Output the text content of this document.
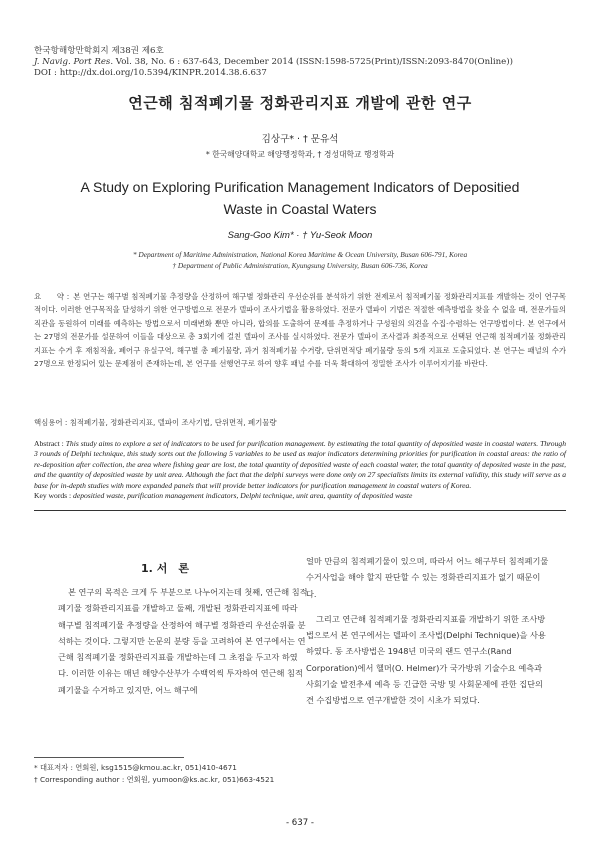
한국항해항만학회지 제38권 제6호
J. Navig. Port Res. Vol. 38, No. 6 : 637-643, December 2014 (ISSN:1598-5725(Print)/ISSN:2093-8470(Online))
DOI : http://dx.doi.org/10.5394/KINPR.2014.38.6.637
연근해 침적폐기물 정화관리지표 개발에 관한 연구
김상구* · † 문유석
* 한국해양대학교 해양행정학과, † 경성대학교 행정학과
A Study on Exploring Purification Management Indicators of Depositied Waste in Coastal Waters
Sang-Goo Kim* · † Yu-Seok Moon
* Department of Maritime Administration, National Korea Maritime & Ocean University, Busan 606-791, Korea
† Department of Public Administration, Kyungsung University, Busan 606-736, Korea
요　　약 : 본 연구는 해구별 침적폐기물 추정량을 산정하여 해구별 정화관리 우선순위를 분석하기 위한 전제로서 침적폐기물 정화관리지표를 개발하는 것이 연구목적이다. 이러한 연구목적을 달성하기 위한 연구방법으로 전문가 델파이 조사기법을 활용하였다. 전문가 델파이 기법은 적절한 예측방법을 찾을 수 없을 때, 전문가들의 직관을 동원하여 미래를 예측하는 방법으로서 미래변화 뿐만 아니라, 합의를 도출하여 문제를 추정하거나 구성원의 의견을 수집·수렴하는 연구방법이다. 본 연구에서는 27명의 전문가를 설문하여 이들을 대상으로 총 3회기에 걸친 델파이 조사를 실시하였다. 전문가 델파이 조사결과 최종적으로 선택된 연근해 침적폐기물 정화관리지표는 수거 후 재침적율, 폐어구 유실구역, 해구별 총 폐기물량, 과거 침적폐기물 수거량, 단위면적당 폐기물량 등의 5개 지표로 도출되었다. 본 연구는 패널의 수가 27명으로 한정되어 있는 문제점이 존재하는데, 본 연구를 선행연구로 하여 향후 패널 수를 더욱 확대하여 정밀한 조사가 이루어지기를 바란다.
핵심용어 : 침적폐기물, 정화관리지표, 델파이 조사기법, 단위면적, 폐기물량
Abstract : This study aims to explore a set of indicators to be used for purification management. by estimating the total quantity of depositied waste in coastal waters. Through 3 rounds of Delphi technique, this study sorts out the following 5 variables to be used as major indicators determining priorities for purification in coastal areas: the ratio of re-deposition after collection, the area where fishing gear are lost, the total quantity of depositied waste of each coastal water, the total quantity of deposited waste in the past, and the quantity of depositied waste by unit area. Although the fact that the delphi surveys were done only on 27 specialists limits its external validity, this study will serve as a base for in-depth studies with more expanded panels that will provide better indicators for purification management in coastal waters of Korea.
Key words : depositied waste, purification management indicators, Delphi technique, unit area, quantity of depositied waste
1. 서　론

본 연구의 목적은 크게 두 부분으로 나누어지는데 첫째, 연근해 침적폐기물 정화관리지표를 개발하고 둘째, 개발된 정화관리지표에 따라 해구별 침적폐기물 추정량을 산정하여 해구별 정화관리 우선순위를 분석하는 것이다. 그렇지만 논문의 분량 등을 고려하여 본 연구에서는 연근해 침적폐기물 정화관리지표를 개발하는데 그 초점을 두고자 하였다. 이러한 이유는 매년 해양수산부가 수백억씩 투자하여 연근해 침적폐기물을 수거하고 있지만, 어느 해구에

얼마 만큼의 침적폐기물이 있으며, 따라서 어느 해구부터 침적폐기물 수거사업을 해야 할지 판단할 수 있는 정화관리지표가 없기 때문이다.

그리고 연근해 침적폐기물 정화관리지표를 개발하기 위한 조사방법으로서 본 연구에서는 델파이 조사법(Delphi Technique)을 사용하였다. 동 조사방법은 1948년 미국의 랜드 연구소(Rand Corporation)에서 헬머(O. Helmer)가 국가방위 기술수요 예측과 사회기술 발전추세 예측 등 긴급한 국방 및 사회문제에 관한 집단의견 수집방법으로 연구개발한 것이 시초가 되었다.

* 대표저자 : 연회원, ksg1515@kmou.ac.kr, 051)410-4671
† Corresponding author : 연회원, yumoon@ks.ac.kr, 051)663-4521
- 637 -
